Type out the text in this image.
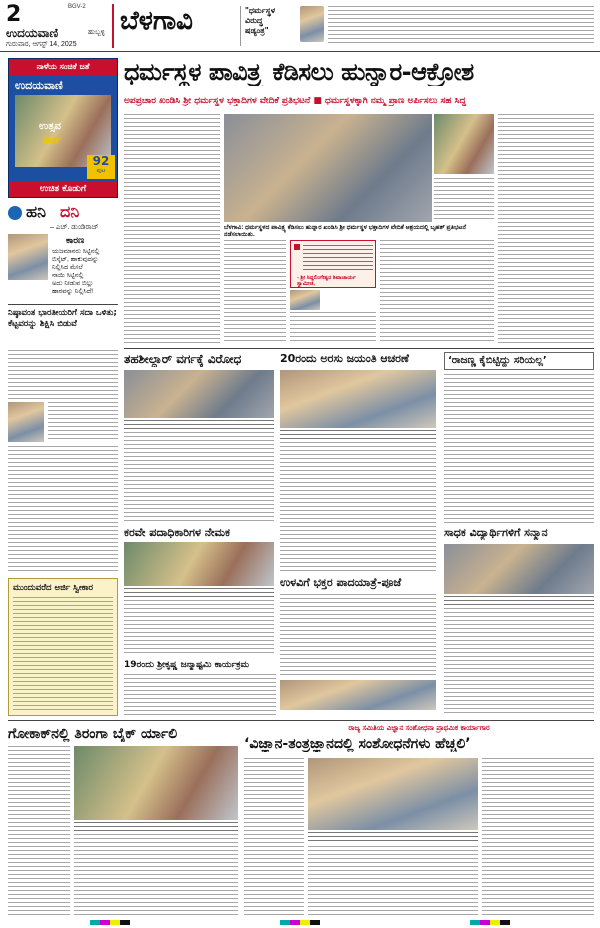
2	BGV-2
ಉದಯವಾಣಿ	ಹುಬ್ಬಳ್ಳಿ
ಗುರುವಾರ, ಆಗಸ್ಟ್ 14, 2025
ಬೆಳಗಾವಿ	"ಧರ್ಮಸ್ಥಳ
ವಿರುದ್ಧ
ಷಡ್ಯಂತ್ರ"
ನಾಳೆಯ ಸಂಚಿಕೆ ಜತೆ
ಉದಯವಾಣಿ
ಉತ್ಸವ
ಪರ್ವ
92
ಪುಟ
ಉಚಿತ ಕೊಡುಗೆ
ಹನಿ ದನಿ
– ಎಚ್. ಡುಂಡಿರಾಜ್
ಕಾರಣ
ಯಜಮಾನರು ಸಿಟ್ಟಿನಲ್ಲಿ
ಬಿಸ್ಕೆಟ್, ಹಾಕುವುದನ್ನು
ನಿಲ್ಲಿಸಿದ ಮೇಲೆ
ನಾಯಿ ಸಿಟ್ಟಿನಲ್ಲಿ
ಅದು ನೀಡುವ ಬಿಲ್ಲು
ಹಾರವನ್ನು ನಿಲ್ಲಿಸಿದೆ!
ನಿಷ್ಠಾವಂತ ಭಾರತೀಯರಿಗೆ ಸದಾ ಒಳಿತು; ಕೆಟ್ಟವರನ್ನು ಶಿಕ್ಷಿಸಿ ಬಿಡುವೆ
ಮುಂದುವರೆದ ಅರ್ಜಿ ಸ್ವೀಕಾರ
ಧರ್ಮಸ್ಥಳ ಪಾವಿತ್ರ್ಯ ಕೆಡಿಸಲು ಹುನ್ನಾರ-ಆಕ್ರೋಶ
ಅಪಪ್ರಚಾರ ಖಂಡಿಸಿ ಶ್ರೀ ಧರ್ಮಸ್ಥಳ ಭಕ್ತಾದಿಗಳ ವೇದಿಕೆ ಪ್ರತಿಭಟನೆ ■ ಧರ್ಮಸ್ಥಳಕ್ಕಾಗಿ ನಮ್ಮ ಪ್ರಾಣ ಅರ್ಪಿಸಲು ಸಹ ಸಿದ್ಧ
ಬೆಳಗಾವಿ: ಧರ್ಮಸ್ಥಳದ ಪಾವಿತ್ರ್ಯ ಕೆಡಿಸಲು ಹುನ್ನಾರ ಖಂಡಿಸಿ ಶ್ರೀ ಧರ್ಮಸ್ಥಳ ಭಕ್ತಾದಿಗಳ ವೇದಿಕೆ ಆಶ್ರಯದಲ್ಲಿ ಬೃಹತ್ ಪ್ರತಿಭಟನೆ ನಡೆಸಲಾಯಿತು.
- ಶ್ರೀ ಸಿದ್ದಲಿಂಗೇಶ್ವರ ಶಿವಾಚಾರ್ಯ ಸ್ವಾಮೀಜಿ,
ತಹಶೀಲ್ದಾರ್ ವರ್ಗಕ್ಕೆ ವಿರೋಧ	20ರಂದು ಅರಸು ಜಯಂತಿ ಆಚರಣೆ	‘ರಾಜಣ್ಣ ಕೈಬಿಟ್ಟಿದ್ದು ಸರಿಯಲ್ಲ’
ಕರವೇ ಪದಾಧಿಕಾರಿಗಳ ನೇಮಕ	ಸಾಧಕ ವಿದ್ಯಾರ್ಥಿಗಳಿಗೆ ಸನ್ಮಾನ
ಉಳವಿಗೆ ಭಕ್ತರ ಪಾದಯಾತ್ರೆ-ಪೂಜೆ
19ರಂದು ಶ್ರೀಕೃಷ್ಣ ಜನ್ಮಾಷ್ಟಮಿ ಕಾರ್ಯಕ್ರಮ
ಗೋಕಾಕ್‌ನಲ್ಲಿ ತಿರಂಗಾ ಬೈಕ್ ರ್ಯಾಲಿ	ರಾಜ್ಯ ಸಮಿತಿಯ ವಿಜ್ಞಾನ ಸಂಶೋಧನಾ ಪ್ರಾಥಮಿಕ ಕಾರ್ಯಾಗಾರ
‘ವಿಜ್ಞಾನ-ತಂತ್ರಜ್ಞಾನದಲ್ಲಿ ಸಂಶೋಧನೆಗಳು ಹೆಚ್ಚಲಿ’
